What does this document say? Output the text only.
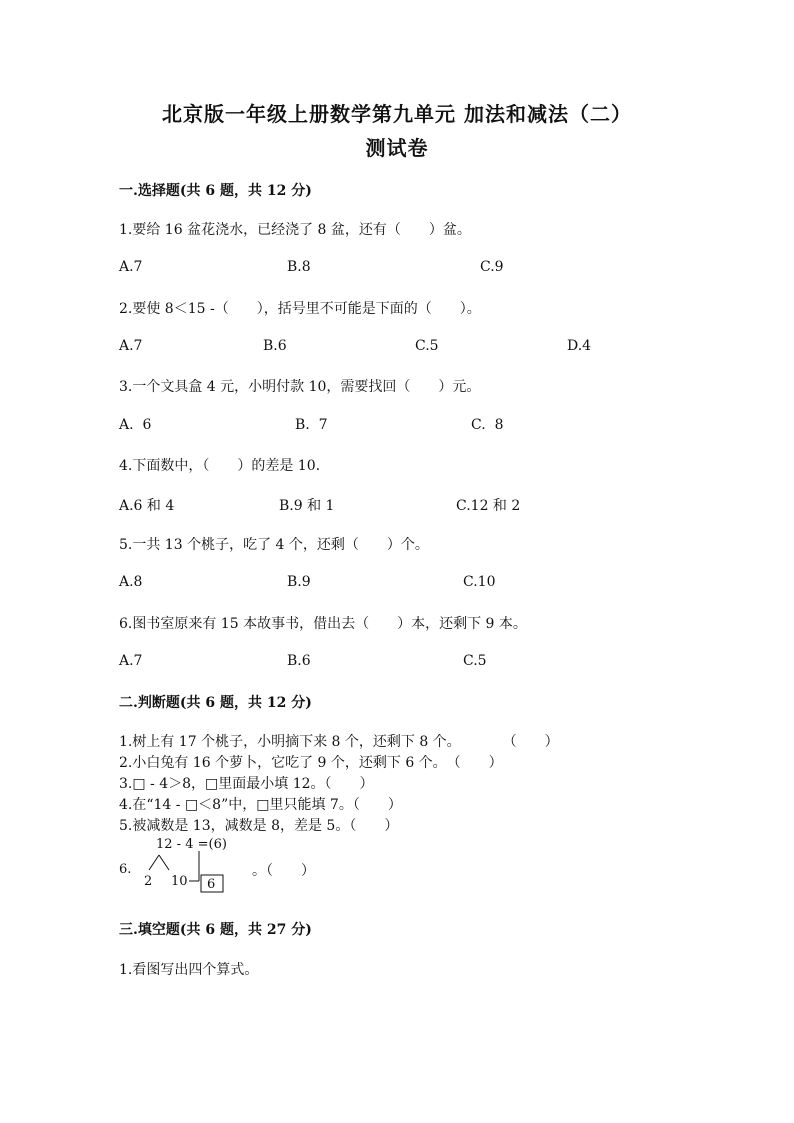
北京版一年级上册数学第九单元 加法和减法（二）
测试卷
一.选择题(共 6 题，共 12 分)
1.要给 16 盆花浇水，已经浇了 8 盆，还有（　　）盆。
A.7	B.8	C.9
2.要使 8＜15 -（　　），括号里不可能是下面的（　　）。
A.7	B.6	C.5	D.4
3.一个文具盒 4 元，小明付款 10，需要找回（　　）元。
A.  6	B.  7	C.  8
4.下面数中，（　　）的差是 10.
A.6 和 4	B.9 和 1	C.12 和 2
5.一共 13 个桃子，吃了 4 个，还剩（　　）个。
A.8	B.9	C.10
6.图书室原来有 15 本故事书，借出去（　　）本，还剩下 9 本。
A.7	B.6	C.5
二.判断题(共 6 题，共 12 分)
1.树上有 17 个桃子，小明摘下来 8 个，还剩下 8 个。　　　　（　　）
2.小白兔有 16 个萝卜，它吃了 9 个，还剩下 6 个。　（　　）
3.□ - 4＞8，□里面最小填 12。（　　）
4.在“14 - □＜8”中，□里只能填 7。（　　）
5.被减数是 13，减数是 8，差是 5。（　　）
6.
12 - 4 =(6)
2 10 6
。（　　）
三.填空题(共 6 题，共 27 分)
1.看图写出四个算式。
